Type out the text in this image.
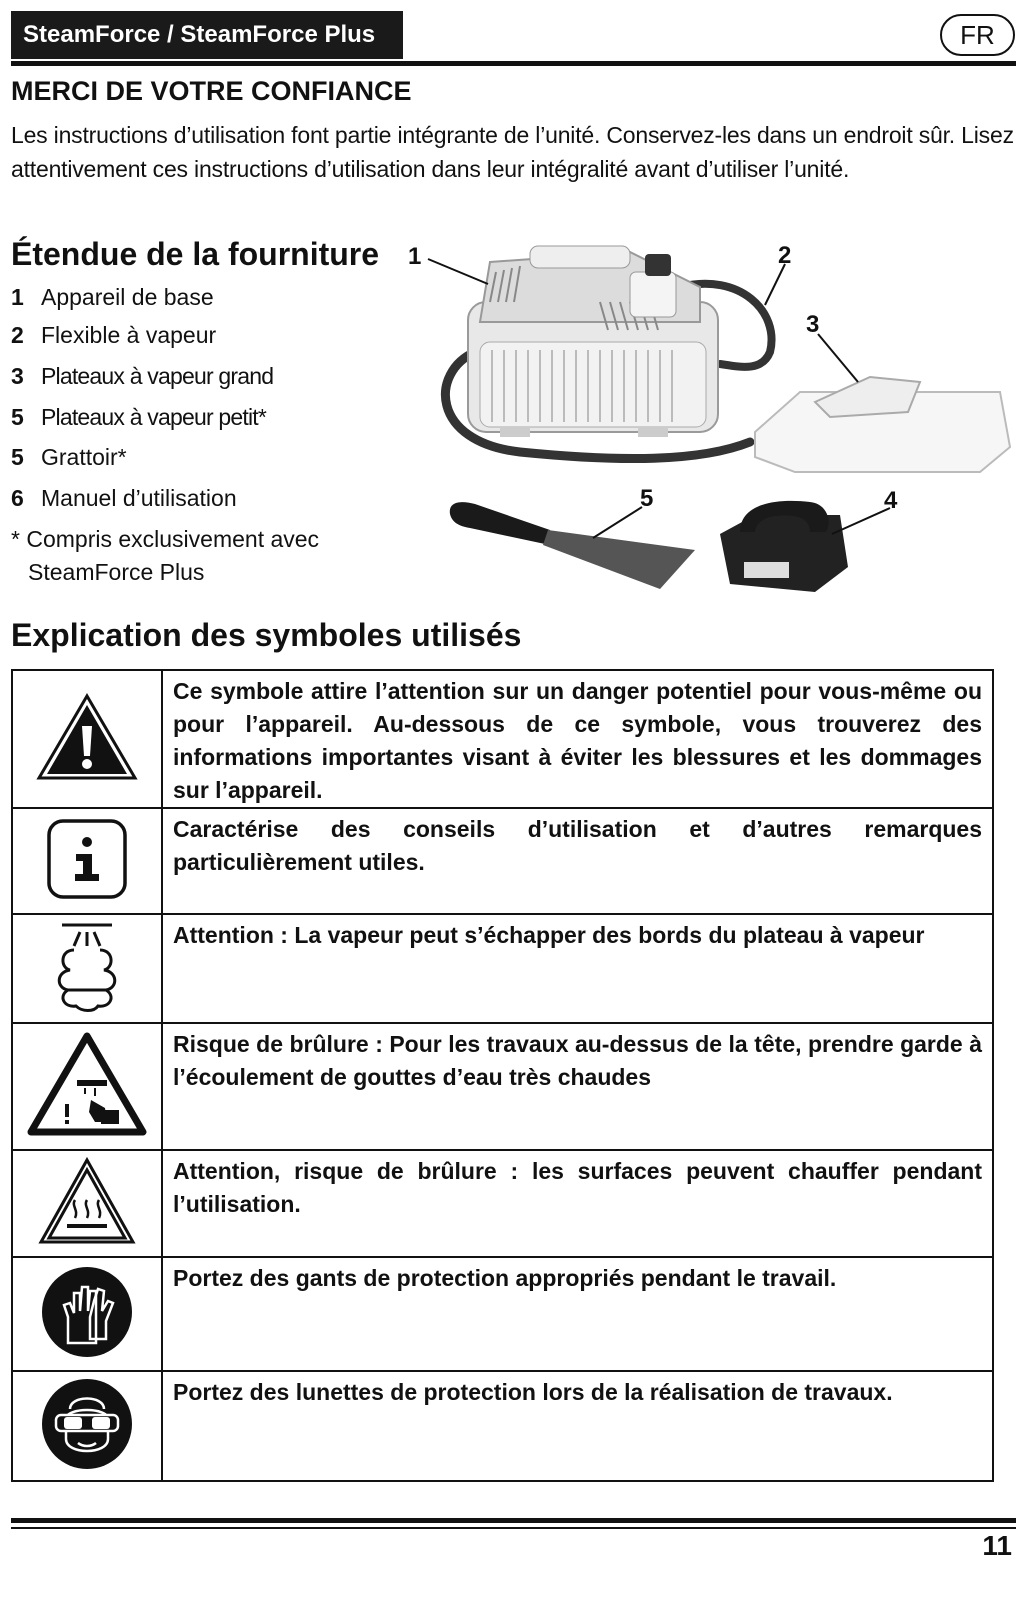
SteamForce / SteamForce Plus	FR
MERCI DE VOTRE CONFIANCE

Les instructions d’utilisation font partie intégrante de l’unité. Conservez-les dans un endroit sûr. Lisez attentivement ces instructions d’utilisation dans leur intégralité avant d’utiliser l’unité.

Étendue de la fourniture
1 Appareil de base
2 Flexible à vapeur
3 Plateaux à vapeur grand
5 Plateaux à vapeur petit*
5 Grattoir*
6 Manuel d’utilisation

* Compris exclusivement avec
SteamForce Plus

1	2
3
4
5
Explication des symboles utilisés
	Ce symbole attire l’attention sur un danger potentiel pour vous-même ou pour l’appareil. Au-dessous de ce symbole, vous trouverez des informations importantes visant à éviter les blessures et les dommages sur l’appareil.
	Caractérise des conseils d’utilisation et d’autres remarques particulièrement utiles.
	Attention : La vapeur peut s’échapper des bords du plateau à vapeur
	Risque de brûlure : Pour les travaux au-dessus de la tête, prendre garde à l’écoulement de gouttes d’eau très chaudes
	Attention, risque de brûlure : les surfaces peuvent chauffer pendant l’utilisation.
	Portez des gants de protection appropriés pendant le travail.
	Portez des lunettes de protection lors de la réalisation de travaux.
11
